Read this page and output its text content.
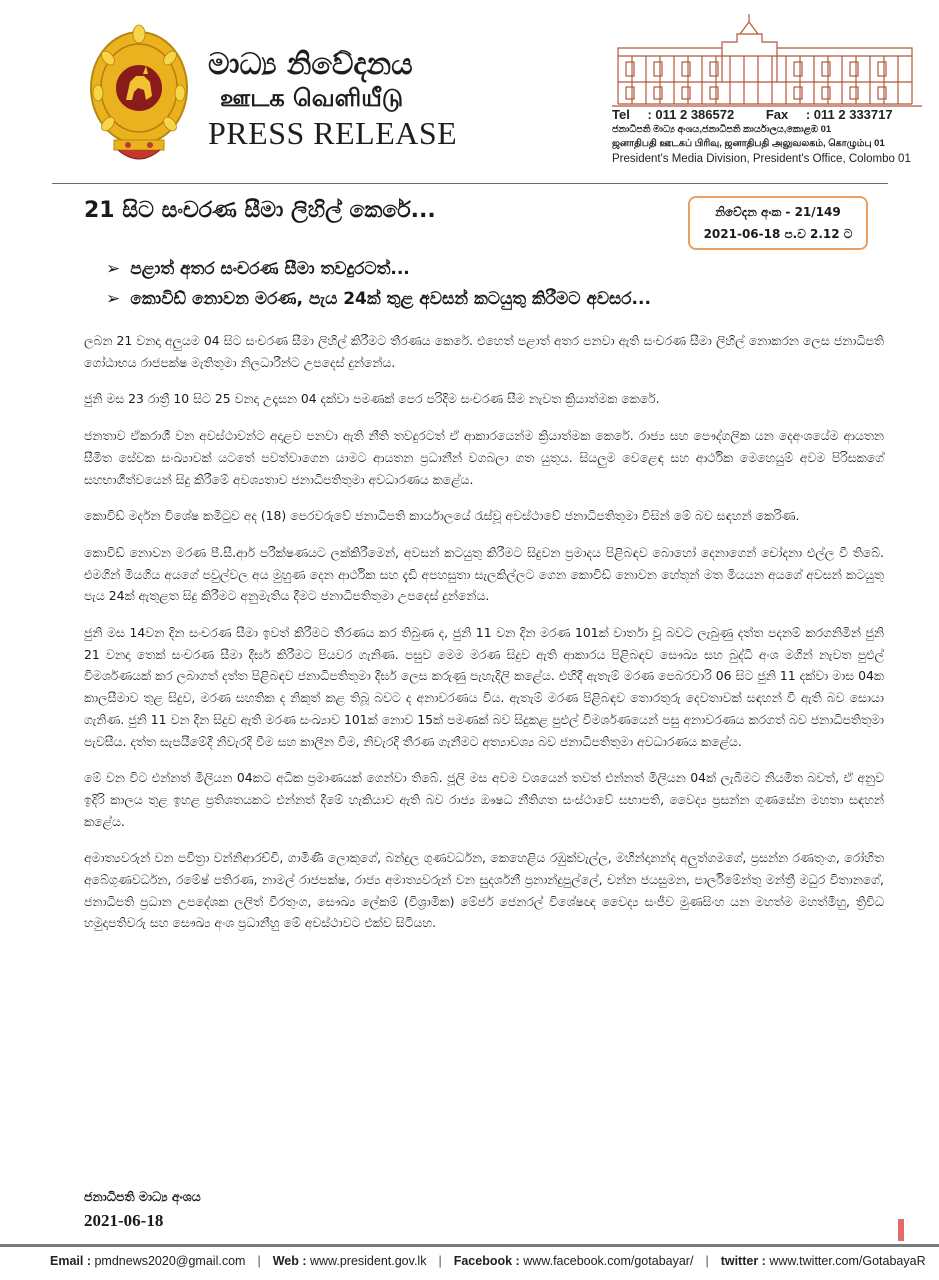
මාධ්‍ය නිවේදනය
ஊடக வெளியீடு
PRESS RELEASE
Tel : 011 2 386572 Fax : 011 2 333717
ජනාධිපති මාධ්‍ය අංශය,ජනාධිපති කාර්යාලය,කොළඹ 01
ஜனாதிபதி ஊடகப் பிரிவு, ஜனாதிபதி அலுவலகம், கொழும்பு 01
President's Media Division, President's Office, Colombo 01
21 සිට සංචරණ සීමා ලිහිල් කෙරේ...	නිවේදන අංක - 21/149
2021-06-18 ප.ව 2.12 ට
➢ පළාත් අතර සංචරණ සීමා තවදුරටත්...
➢ කොවිඩ් නොවන මරණ, පැය 24ක් තුළ අවසන් කටයුතු කිරීමට අවසර...

ලබන 21 වනදා අලුයම 04 සිට සංචරණ සීමා ලිහිල් කිරීමට තීරණය කෙරේ. එහෙත් පළාත් අතර පනවා ඇති සංචරණ සීමා ලිහිල් නොකරන ලෙස ජනාධිපති ගෝඨාභය රාජපක්ෂ මැතිතුමා නිලධාරීන්ට උපදෙස් දුන්නේය.

ජුනි මස 23 රාත්‍රී 10 සිට 25 වනදා උදෑසන 04 දක්වා පමණක් පෙර පරිදිම සංචරණ සීම නැවත ක්‍රියාත්මක කෙරේ.

ජනතාව ඒකරාශී වන අවස්ථාවන්ට අදාළව පනවා ඇති නීති තවදුරටත් ඒ ආකාරයෙන්ම ක්‍රියාත්මක කෙරේ. රාජ්‍ය සහ පෞද්ගලික යන දෙඅංශයේම ආයතන සීමිත සේවක සංඛ්‍යාවක් යටතේ පවත්වාගෙන යාමට ආයතන ප්‍රධානීන් වගබලා ගත යුතුය. සියලුම වෙළෙඳ සහ ආර්ථික මෙහෙයුම් අවම පිරිසකගේ සහභාගීත්වයෙන් සිදු කිරීමේ අවශ්‍යතාව ජනාධිපතිතුමා අවධාරණය කළේය.

කොවිඩ් මර්දන විශේෂ කමිටුව අද (18) පෙරවරුවේ ජනාධිපති කාර්යාලයේ රැස්වූ අවස්ථාවේ ජනාධිපතිතුමා විසින් මේ බව සඳහන් කෙරිණ.

කොවිඩ් නොවන මරණ පී.සී.ආර් පරීක්ෂණයට ලක්කිරීමෙන්, අවසන් කටයුතු කිරීමට සිදුවන ප්‍රමාදය පිළිබඳව බොහෝ දෙනාගෙන් චෝදනා එල්ල වී තිබේ. එමගින් මියගිය අයගේ පවුල්වල අය මුහුණ දෙන ආර්ථික සහ දැඩි අපහසුතා සැලකිල්ලට ගෙන කොවිඩ් නොවන හේතූන් මත මියයන අයගේ අවසන් කටයුතු පැය 24ක් ඇතුළත සිදු කිරීමට අනුමැතිය දීමට ජනාධිපතිතුමා උපදෙස් දුන්නේය.

ජුනි මස 14වන දින සංචරණ සීමා ඉවත් කිරීමට තීරණය කර තිබුණ ද, ජුනි 11 වන දින මරණ 101ක් වාර්තා වූ බවට ලැබුණු දත්ත පදනම් කරගනිමින් ජුනි 21 වනදා තෙක් සංචරණ සීමා දීර්ඝ කිරීමට පියවර ගැනිණ. පසුව මෙම මරණ සිදුව ඇති ආකාරය පිළිබඳව සෞඛ්‍ය සහ බුද්ධි අංශ මගින් නැවත පුළුල් විමර්ශණයක් කර ලබාගත් දත්ත පිළිබඳව ජනාධිපතිතුමා දීර්ඝ ලෙස කරුණු පැහැදිලි කළේය. එහිදී ඇතැම් මරණ පෙබරවාරි 06 සිට ජුනි 11 දක්වා මාස 04ක කාලසීමාව තුළ සිදුව, මරණ සහතික ද නිකුත් කළ තිබූ බවට ද අනාවරණය විය. ඇතැම් මරණ පිළිබඳව තොරතුරු දෙවතාවක් සඳහන් වී ඇති බව සොයා ගැනිණ. ජුනි 11 වන දින සිදුව ඇති මරණ සංඛ්‍යාව 101ක් නොව 15ක් පමණක් බව සිදුකළ පුළුල් විමර්ශණයෙන් පසු අනාවරණය කරගත් බව ජනාධිපතිතුමා පැවසීය. දත්ත සැපයීමේදී නිවැරදි වීම සහ කාලීන වීම, නිවැරදි තීරණ ගැනීමට අත්‍යාවශ්‍ය බව ජනාධිපතිතුමා අවධාරණය කළේය.

මේ වන විට එන්නත් මිලියන 04කට අධික ප්‍රමාණයක් ගෙන්වා තිබේ. ජූලි මස අවම වශයෙන් තවත් එන්නත් මිලියන 04ක් ලැබීමට නියමිත බවත්, ඒ අනුව ඉදිරි කාලය තුළ ඉහළ ප්‍රතිශතයකට එන්නත් දීමේ හැකියාව ඇති බව රාජ්‍ය ඖෂධ නීතිගත සංස්ථාවේ සභාපති, වෛද්‍ය ප්‍රසන්න ගුණසේන මහතා සඳහන් කළේය.

අමාත්‍යවරුන් වන පවිත්‍රා වන්නිආරච්චි, ගාමිණී ලොකුගේ, බන්දුල ගුණවර්ධන, කෙහෙළිය රඹුක්වැල්ල, මහින්දානන්ද අලුත්ගමගේ, ප්‍රසන්න රණතුංග, රෝහිත අබේගුණවර්ධන, රමේෂ් පතිරණ, නාමල් රාජපක්ෂ, රාජ්‍ය අමාත්‍යවරුන් වන සුදර්ශනී ප්‍රනාන්දුපුල්ලේ, චන්න ජයසුමන, පාර්ලිමේන්තු මන්ත්‍රී මධුර විතානගේ, ජනාධිපති ප්‍රධාන උපදේශක ලලිත් වීරතුංග, සෞඛ්‍ය ලේකම් (විශ්‍රාමික) මේජර් ජෙනරල් විශේෂඥ වෛද්‍ය සංජීව මුණසිංහ යන මහත්ම මහත්මීහු, ත්‍රිවිධ හමුදාපතිවරු සහ සෞඛ්‍ය අංශ ප්‍රධානීහු මේ අවස්ථාවට එක්ව සිටියහ.

ජනාධිපති මාධ්‍ය අංශය
2021-06-18
Email : pmdnews2020@gmail.com | Web : www.president.gov.lk | Facebook : www.facebook.com/gotabayar/ | twitter : www.twitter.com/GotabayaR
